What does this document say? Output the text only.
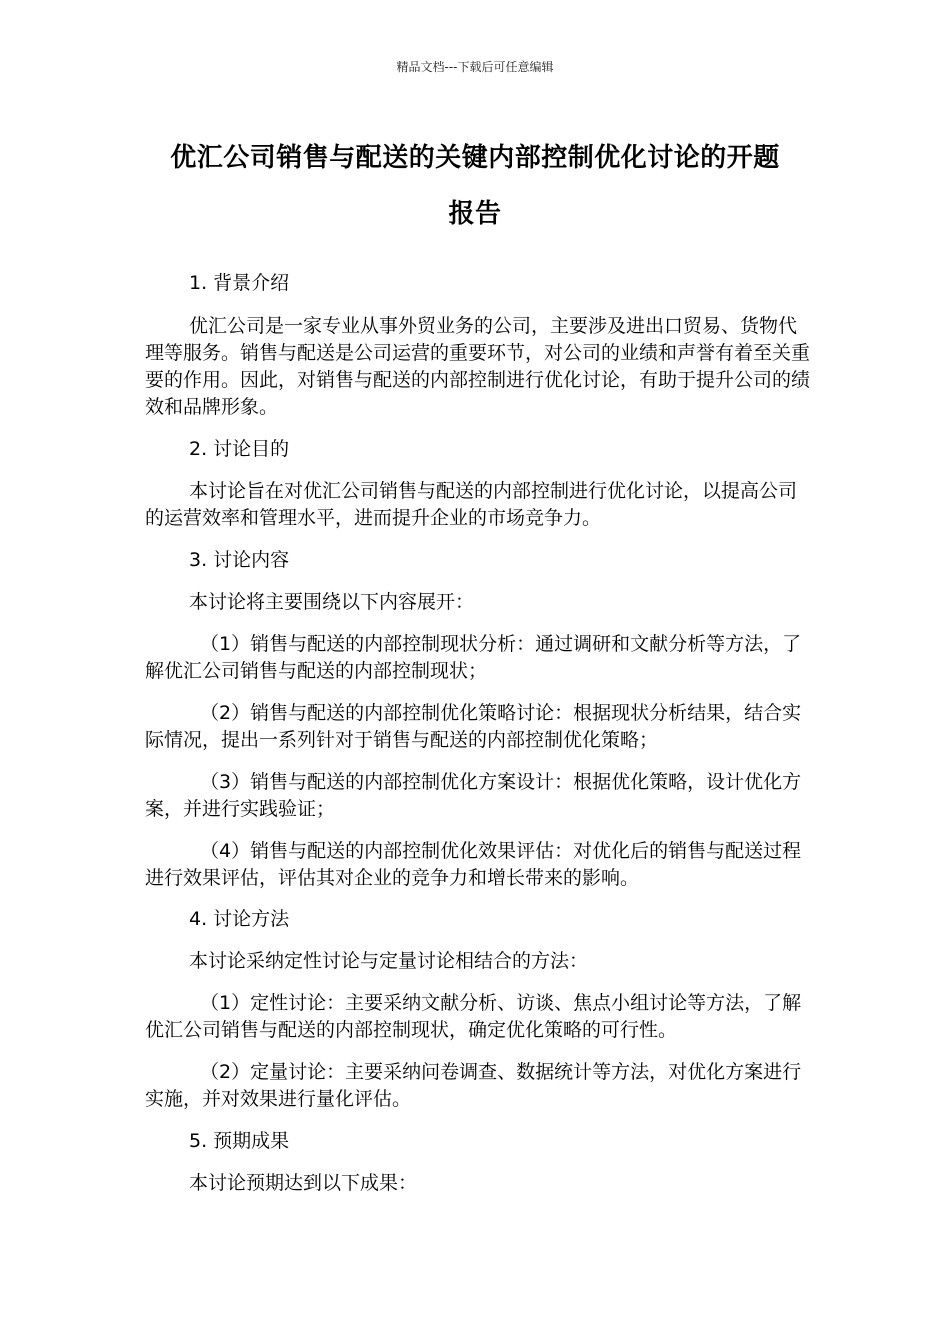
精品文档---下载后可任意编辑
优汇公司销售与配送的关键内部控制优化讨论的开题
报告
1. 背景介绍
优汇公司是一家专业从事外贸业务的公司，主要涉及进出口贸易、货物代理等服务。销售与配送是公司运营的重要环节，对公司的业绩和声誉有着至关重要的作用。因此，对销售与配送的内部控制进行优化讨论，有助于提升公司的绩效和品牌形象。
2. 讨论目的
本讨论旨在对优汇公司销售与配送的内部控制进行优化讨论，以提高公司的运营效率和管理水平，进而提升企业的市场竞争力。
3. 讨论内容
本讨论将主要围绕以下内容展开：
（1）销售与配送的内部控制现状分析：通过调研和文献分析等方法，了解优汇公司销售与配送的内部控制现状；
（2）销售与配送的内部控制优化策略讨论：根据现状分析结果，结合实际情况，提出一系列针对于销售与配送的内部控制优化策略；
（3）销售与配送的内部控制优化方案设计：根据优化策略，设计优化方案，并进行实践验证；
（4）销售与配送的内部控制优化效果评估：对优化后的销售与配送过程进行效果评估，评估其对企业的竞争力和增长带来的影响。
4. 讨论方法
本讨论采纳定性讨论与定量讨论相结合的方法：
（1）定性讨论：主要采纳文献分析、访谈、焦点小组讨论等方法，了解优汇公司销售与配送的内部控制现状，确定优化策略的可行性。
（2）定量讨论：主要采纳问卷调查、数据统计等方法，对优化方案进行实施，并对效果进行量化评估。
5. 预期成果
本讨论预期达到以下成果：
